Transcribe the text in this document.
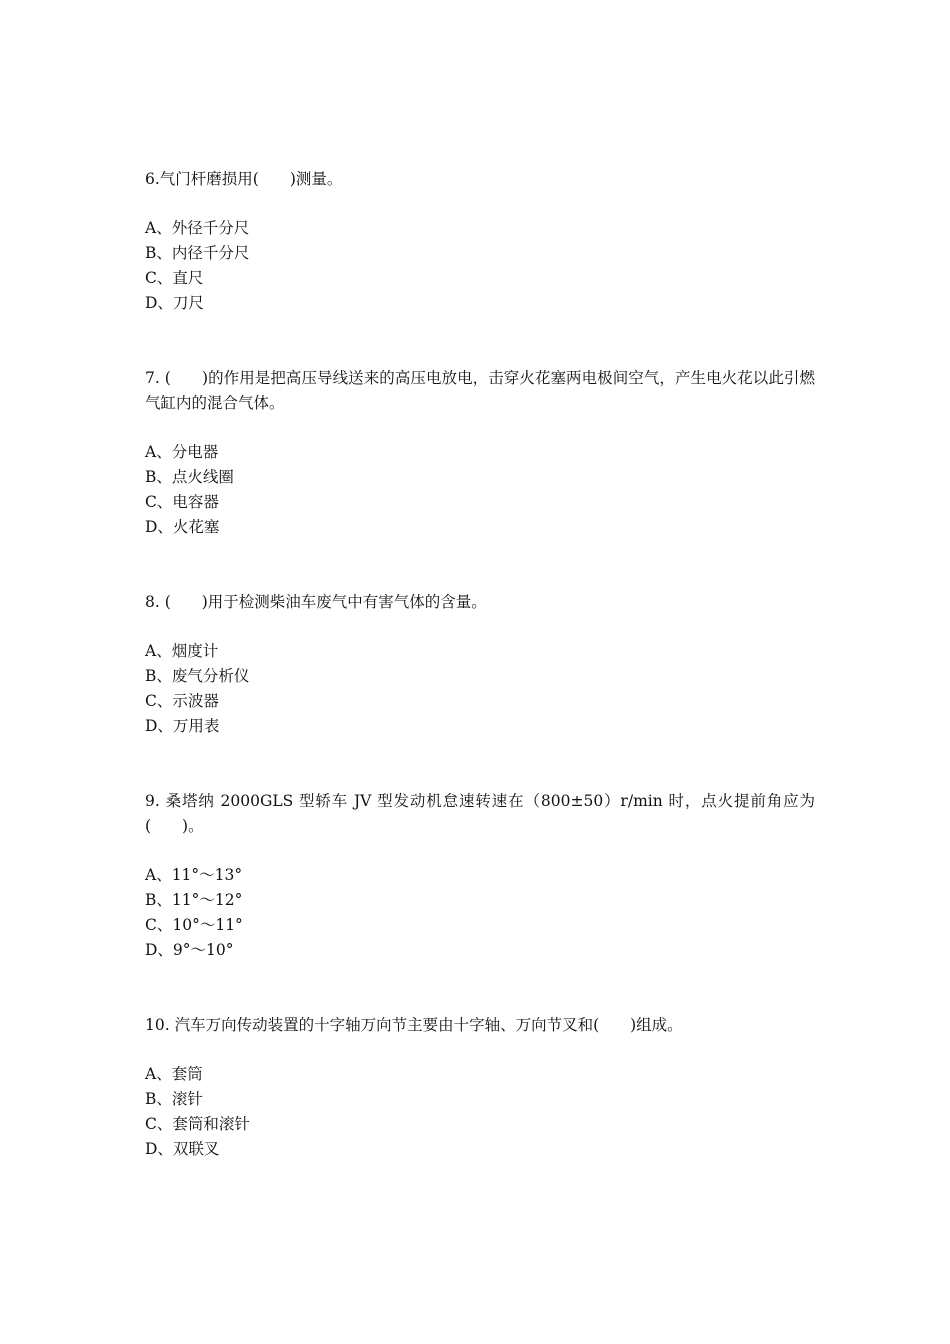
6.气门杆磨损用(　　)测量。

A、外径千分尺
B、内径千分尺
C、直尺
D、刀尺

7. (　　)的作用是把高压导线送来的高压电放电，击穿火花塞两电极间空气，产生电火花以此引燃气缸内的混合气体。

A、分电器
B、点火线圈
C、电容器
D、火花塞

8. (　　)用于检测柴油车废气中有害气体的含量。

A、烟度计
B、废气分析仪
C、示波器
D、万用表

9. 桑塔纳 2000GLS 型轿车 JV 型发动机怠速转速在（800±50）r/min 时，点火提前角应为(　　)。

A、11°～13°
B、11°～12°
C、10°～11°
D、9°～10°

10. 汽车万向传动装置的十字轴万向节主要由十字轴、万向节叉和(　　)组成。

A、套筒
B、滚针
C、套筒和滚针
D、双联叉
